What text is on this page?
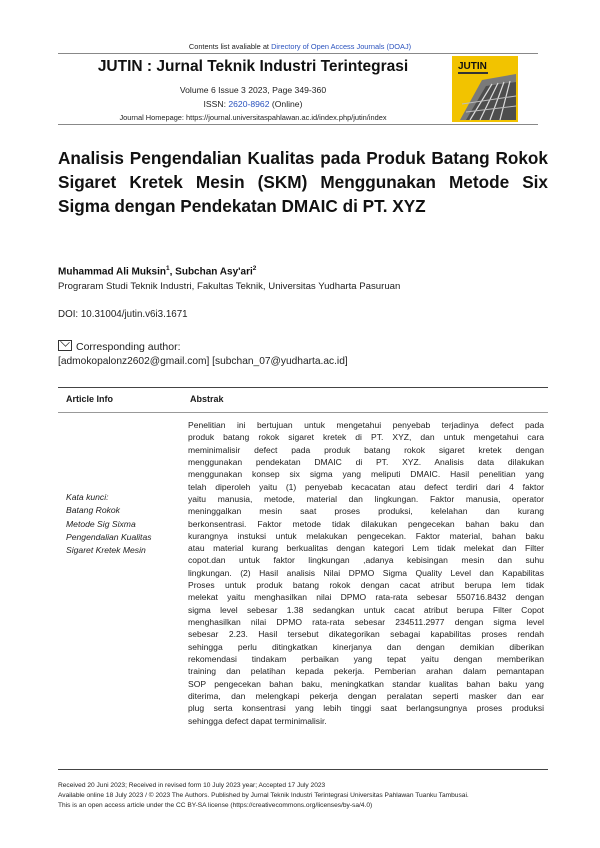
Contents list avaliable at Directory of Open Access Journals (DOAJ)
JUTIN : Jurnal Teknik Industri Terintegrasi
Volume 6 Issue 3 2023, Page 349-360
ISSN: 2620-8962 (Online)
Journal Homepage: https://journal.universitaspahlawan.ac.id/index.php/jutin/index
JUTIN
Analisis Pengendalian Kualitas pada Produk Batang Rokok Sigaret Kretek Mesin (SKM) Menggunakan Metode Six Sigma dengan Pendekatan DMAIC di PT. XYZ
Muhammad Ali Muksin$^1$, Subchan Asy'ari$^2$
Prograram Studi Teknik Industri, Fakultas Teknik, Universitas Yudharta Pasuruan
DOI: 10.31004/jutin.v6i3.1671
Corresponding author:
[admokopalonz2602@gmail.com] [subchan_07@yudharta.ac.id]
Article Info	Abstrak
Kata kunci:
Batang Rokok
Metode Sig Sixma
Pengendalian Kualitas
Sigaret Kretek Mesin
Penelitian ini bertujuan untuk mengetahui penyebab terjadinya defect pada
produk batang rokok sigaret kretek di PT. XYZ, dan untuk mengetahui cara
meminimalisir defect pada produk batang rokok sigaret kretek dengan
menggunakan pendekatan DMAIC di PT. XYZ. Analisis data dilakukan
menggunakan konsep six sigma yang meliputi DMAIC. Hasil penelitian yang
telah diperoleh yaitu (1) penyebab kecacatan atau defect terdiri dari 4 faktor
yaitu manusia, metode, material dan lingkungan. Faktor manusia, operator
meninggalkan mesin saat proses produksi, kelelahan dan kurang
berkonsentrasi. Faktor metode tidak dilakukan pengecekan bahan baku dan
kurangnya instuksi untuk melakukan pengecekan. Faktor material, bahan baku
atau material kurang berkualitas dengan kategori Lem tidak melekat dan Filter
copot.dan untuk faktor lingkungan ,adanya kebisingan mesin dan suhu
lingkungan. (2) Hasil analisis Nilai DPMO Sigma Quality Level dan Kapabilitas
Proses untuk produk batang rokok dengan cacat atribut berupa lem tidak
melekat yaitu menghasilkan nilai DPMO rata-rata sebesar 550716.8432 dengan
sigma level sebesar 1.38 sedangkan untuk cacat atribut berupa Filter Copot
menghasilkan nilai DPMO rata-rata sebesar 234511.2977 dengan sigma level
sebesar 2.23. Hasil tersebut dikategorikan sebagai kapabilitas proses rendah
sehingga perlu ditingkatkan kinerjanya dan dengan demikian diberikan
rekomendasi tindakam perbaikan yang tepat yaitu dengan memberikan
training dan pelatihan kepada pekerja. Pemberian arahan dalam pemantapan
SOP pengecekan bahan baku, meningkatkan standar kualitas bahan baku yang
diterima, dan melengkapi pekerja dengan peralatan seperti masker dan ear
plug serta konsentrasi yang lebih tinggi saat berlangsungnya proses produksi
sehingga defect dapat terminimalisir.
Received 20 Juni 2023; Received in revised form 10 July 2023 year; Accepted 17 July 2023
Available online 18 July 2023 / © 2023 The Authors. Published by Jurnal Teknik Industri Terintegrasi Universitas Pahlawan Tuanku Tambusai.
This is an open access article under the CC BY-SA license (https://creativecommons.org/licenses/by-sa/4.0)
